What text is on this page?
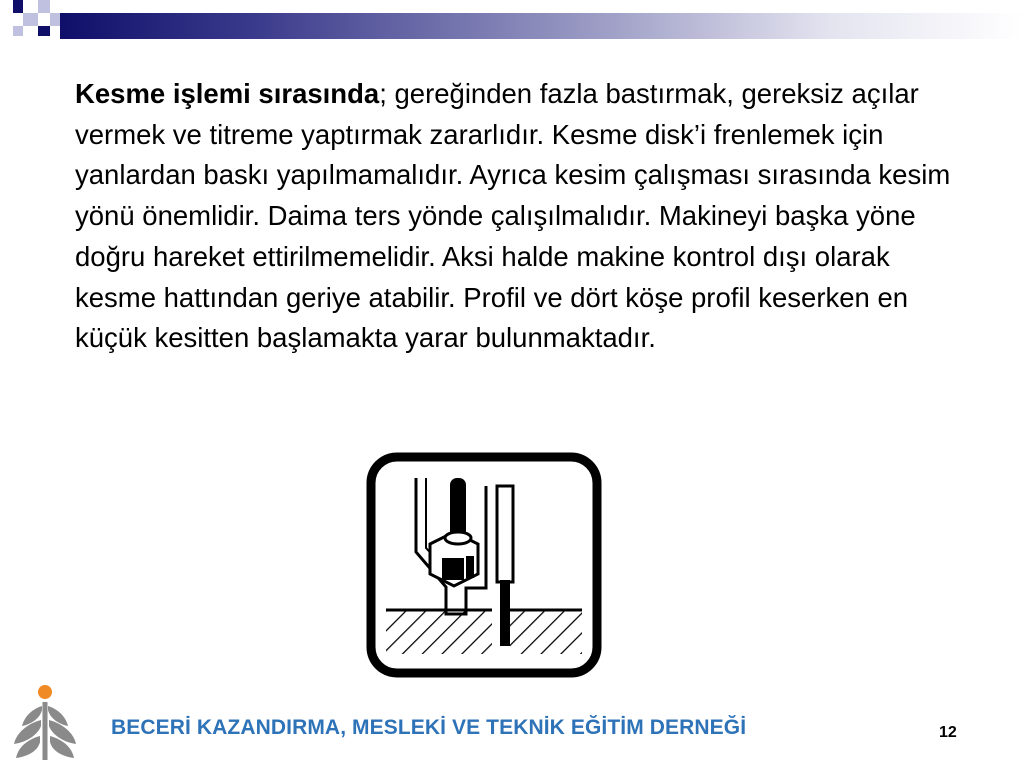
Kesme işlemi sırasında; gereğinden fazla bastırmak, gereksiz açılar vermek ve titreme yaptırmak zararlıdır. Kesme disk’i frenlemek için yanlardan baskı yapılmamalıdır. Ayrıca kesim çalışması sırasında kesim yönü önemlidir. Daima ters yönde çalışılmalıdır. Makineyi başka yöne doğru hareket ettirilmemelidir. Aksi halde makine kontrol dışı olarak kesme hattından geriye atabilir. Profil ve dört köşe profil keserken en küçük kesitten başlamakta yarar bulunmaktadır.

BECERİ KAZANDIRMA, MESLEKİ VE TEKNİK EĞİTİM DERNEĞİ	12
